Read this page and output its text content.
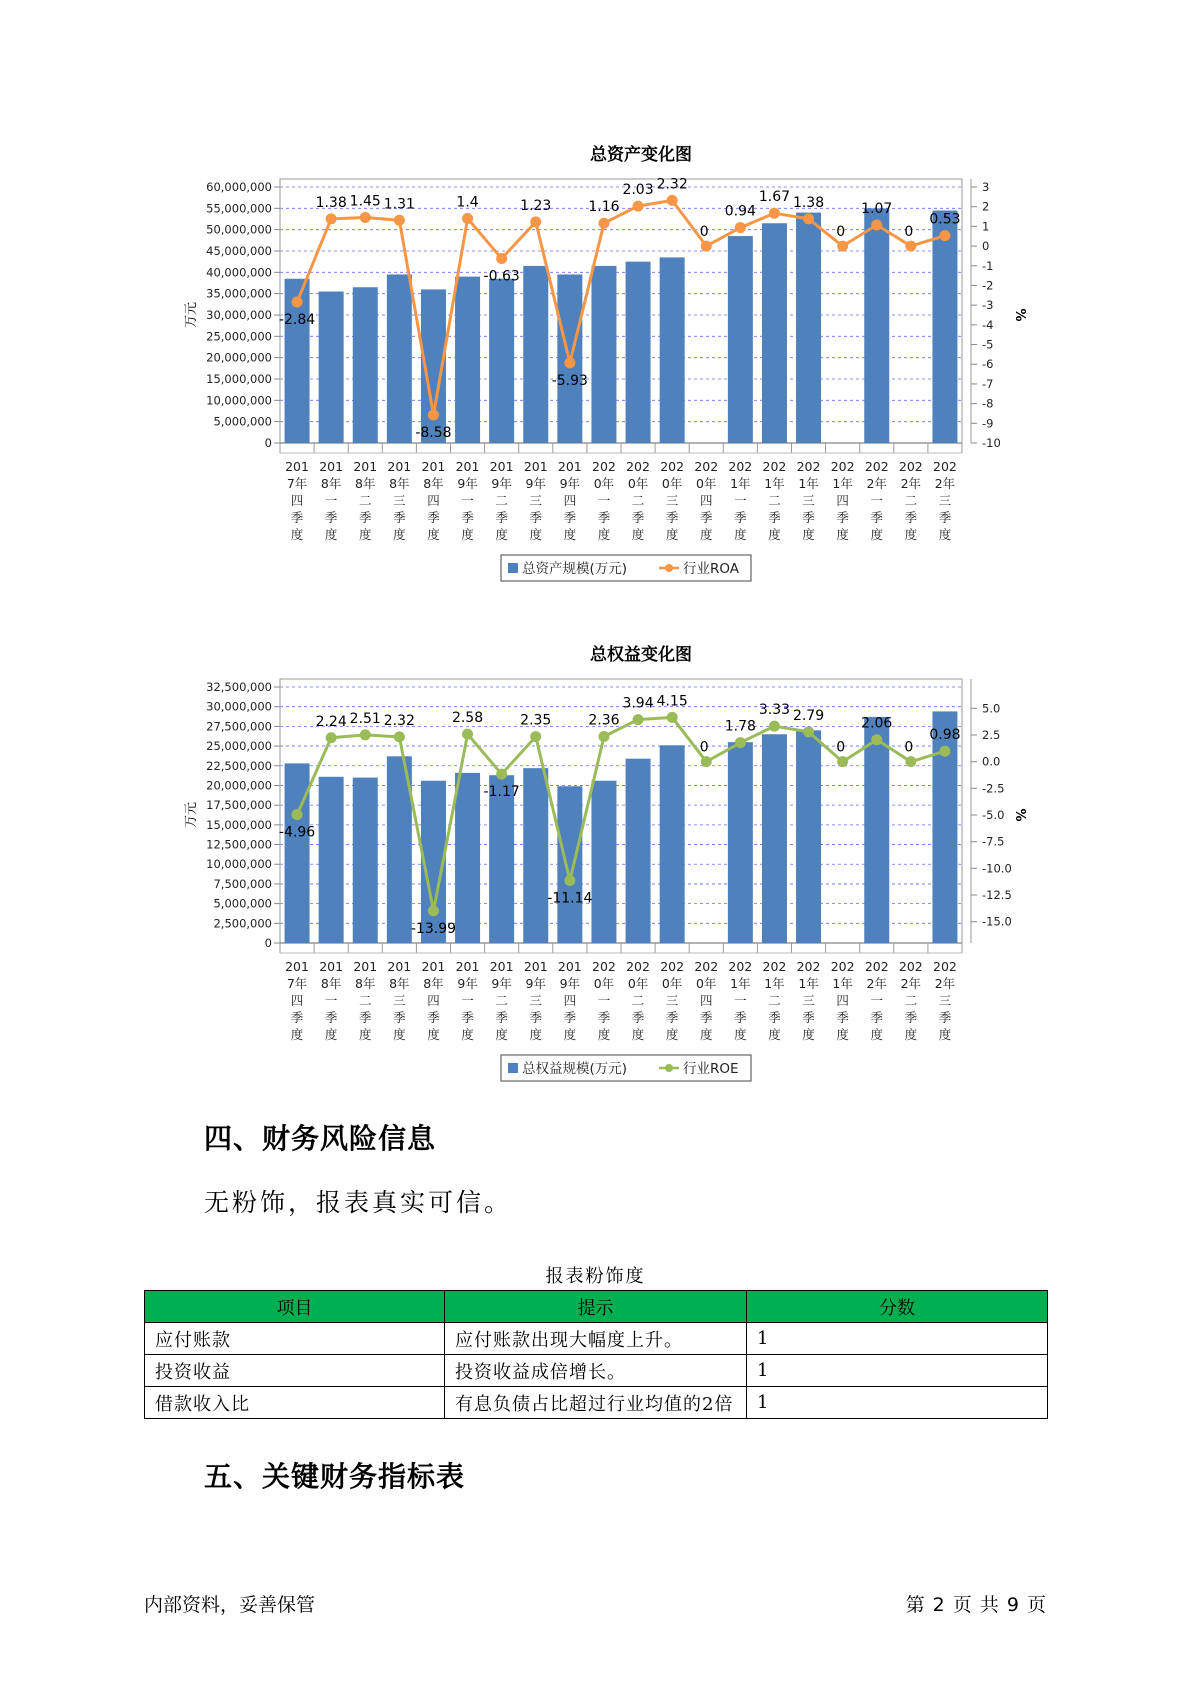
总资产变化图
0
5,000,000
10,000,000
15,000,000
20,000,000
25,000,000
30,000,000
35,000,000
40,000,000
45,000,000
50,000,000
55,000,000
60,000,000
-10
-9
-8
-7
-6
-5
-4
-3
-2
-1
0
1
2
3
万元	%
-2.84
1.38 1.45 1.31
-8.58
1.4
-0.63
1.23
-5.93
1.16
2.03 2.32
0
0.94
1.67 1.38
0
1.07
0
0.53
201
7年
四
季
度
201
8年
一
季
度
201
8年
二
季
度
201
8年
三
季
度
201
8年
四
季
度
201
9年
一
季
度
201
9年
二
季
度
201
9年
三
季
度
201
9年
四
季
度
202
0年
一
季
度
202
0年
二
季
度
202
0年
三
季
度
202
0年
四
季
度
202
1年
一
季
度
202
1年
二
季
度
202
1年
三
季
度
202
1年
四
季
度
202
2年
一
季
度
202
2年
二
季
度
202
2年
三
季
度
总资产规模(万元)	行业ROA
总权益变化图
0
2,500,000
5,000,000
7,500,000
10,000,000
12,500,000
15,000,000
17,500,000
20,000,000
22,500,000
25,000,000
27,500,000
30,000,000
32,500,000
-15.0
-12.5
-10.0
-7.5
-5.0
-2.5
0.0
2.5
5.0
万元	%
-4.96
2.24 2.51 2.32
-13.99
2.58
-1.17
2.35
-11.14
2.36
3.94 4.15
0
1.78
3.33 2.79
0
2.06
0
0.98
201
7年
四
季
度
201
8年
一
季
度
201
8年
二
季
度
201
8年
三
季
度
201
8年
四
季
度
201
9年
一
季
度
201
9年
二
季
度
201
9年
三
季
度
201
9年
四
季
度
202
0年
一
季
度
202
0年
二
季
度
202
0年
三
季
度
202
0年
四
季
度
202
1年
一
季
度
202
1年
二
季
度
202
1年
三
季
度
202
1年
四
季
度
202
2年
一
季
度
202
2年
二
季
度
202
2年
三
季
度
总权益规模(万元)	行业ROE
四、财务风险信息

无粉饰，报表真实可信。

报表粉饰度
项目	提示	分数
应付账款	应付账款出现大幅度上升。	1
投资收益	投资收益成倍增长。	1
借款收入比	有息负债占比超过行业均值的2倍	1
五、关键财务指标表
内部资料，妥善保管	第 2 页 共 9 页
